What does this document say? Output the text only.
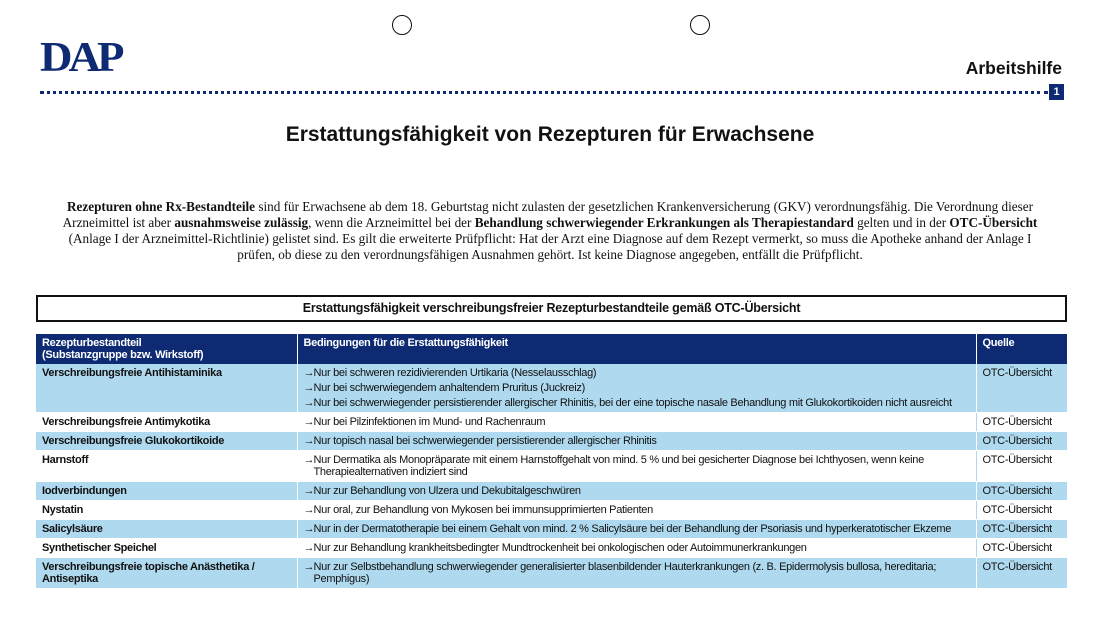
DAP	Arbeitshilfe
1
Erstattungsfähigkeit von Rezepturen für Erwachsene

Rezepturen ohne Rx-Bestandteile sind für Erwachsene ab dem 18. Geburtstag nicht zulasten der gesetzlichen Krankenversicherung (GKV) verordnungsfähig. Die Verordnung dieser Arzneimittel ist aber ausnahmsweise zulässig, wenn die Arzneimittel bei der Behandlung schwerwiegender Erkrankungen als Therapiestandard gelten und in der OTC-Übersicht (Anlage I der Arzneimittel-Richtlinie) gelistet sind. Es gilt die erweiterte Prüfpflicht: Hat der Arzt eine Diagnose auf dem Rezept vermerkt, so muss die Apotheke anhand der Anlage I prüfen, ob diese zu den verordnungsfähigen Ausnahmen gehört. Ist keine Diagnose angegeben, entfällt die Prüfpflicht.

Erstattungsfähigkeit verschreibungsfreier Rezepturbestandteile gemäß OTC-Übersicht
Rezepturbestandteil
(Substanzgruppe bzw. Wirkstoff)	Bedingungen für die Erstattungsfähigkeit	Quelle
Verschreibungsfreie Antihistaminika	→Nur bei schweren rezidivierenden Urtikaria (Nesselausschlag)
→Nur bei schwerwiegendem anhaltendem Pruritus (Juckreiz)
→Nur bei schwerwiegender persistierender allergischer Rhinitis, bei der eine topische nasale Behandlung mit Glukokortikoiden nicht ausreicht	OTC-Übersicht
Verschreibungsfreie Antimykotika	→Nur bei Pilzinfektionen im Mund- und Rachenraum	OTC-Übersicht
Verschreibungsfreie Glukokortikoide	→Nur topisch nasal bei schwerwiegender persistierender allergischer Rhinitis	OTC-Übersicht
Harnstoff	→Nur Dermatika als Monopräparate mit einem Harnstoffgehalt von mind. 5 % und bei gesicherter Diagnose bei Ichthyosen, wenn keine Therapiealternativen indiziert sind	OTC-Übersicht
Iodverbindungen	→Nur zur Behandlung von Ulzera und Dekubitalgeschwüren	OTC-Übersicht
Nystatin	→Nur oral, zur Behandlung von Mykosen bei immunsupprimierten Patienten	OTC-Übersicht
Salicylsäure	→Nur in der Dermatotherapie bei einem Gehalt von mind. 2 % Salicylsäure bei der Behandlung der Psoriasis und hyperkeratotischer Ekzeme	OTC-Übersicht
Synthetischer Speichel	→Nur zur Behandlung krankheitsbedingter Mundtrockenheit bei onkologischen oder Autoimmunerkrankungen	OTC-Übersicht
Verschreibungsfreie topische Anästhetika / Antiseptika	→Nur zur Selbstbehandlung schwerwiegender generalisierter blasenbildender Hauterkrankungen (z. B. Epidermolysis bullosa, hereditaria; Pemphigus)	OTC-Übersicht
